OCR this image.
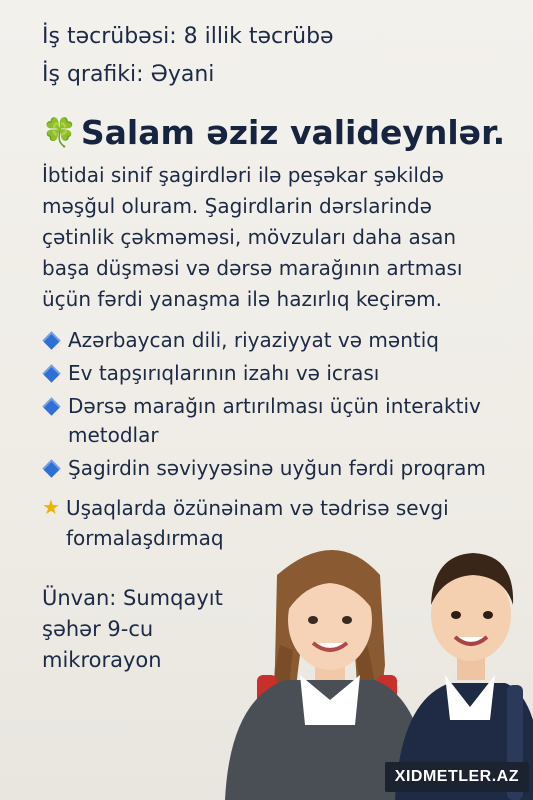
İş təcrübəsi: 8 illik təcrübə

İş qrafiki: Əyani

🍀 Salam əziz valideynlər.
İbtidai sinif şagirdləri ilə peşəkar şəkildə
məşğul oluram. Şagirdlarin dərslarində
çətinlik çəkməməsi, mövzuları daha asan
başa düşməsi və dərsə marağının artması
üçün fərdi yanaşma ilə hazırlıq keçirəm.
Azərbaycan dili, riyaziyyat və məntiq
Ev tapşırıqlarının izahı və icrası
Dərsə marağın artırılması üçün interaktiv metodlar
Şagirdin səviyyəsinə uyğun fərdi proqram
★ Uşaqlarda özünəinam və tədrisə sevgi formalaşdırmaq
Ünvan: Sumqayıt
şəhər 9-cu
mikrorayon
XIDMETLER.AZ
